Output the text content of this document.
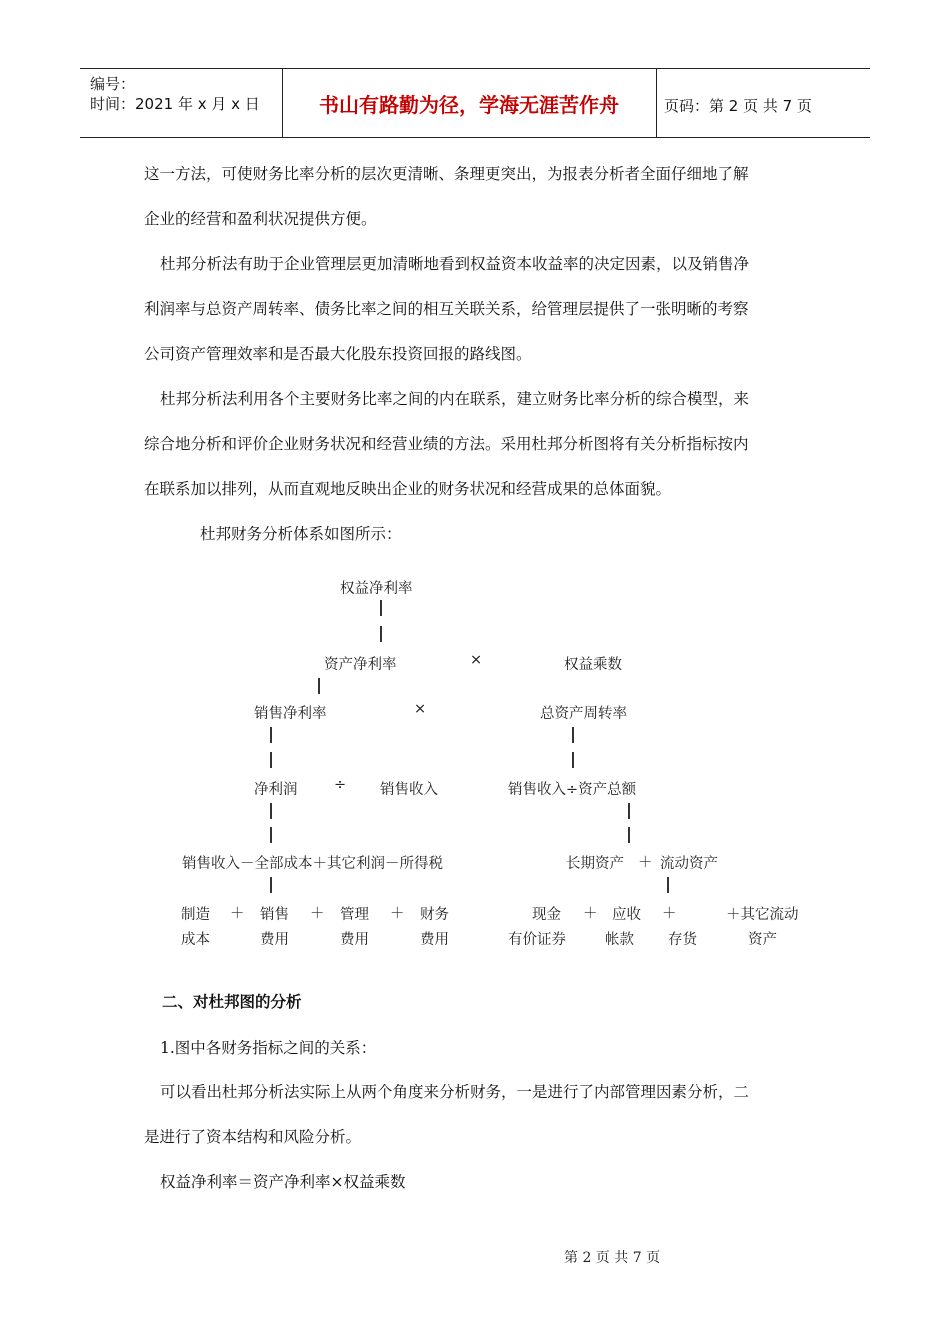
编号：
时间：2021 年 x 月 x 日	页码：第 2 页 共 7 页
书山有路勤为径，学海无涯苦作舟
这一方法，可使财务比率分析的层次更清晰、条理更突出，为报表分析者全面仔细地了解
企业的经营和盈利状况提供方便。
杜邦分析法有助于企业管理层更加清晰地看到权益资本收益率的决定因素，以及销售净
利润率与总资产周转率、债务比率之间的相互关联关系，给管理层提供了一张明晰的考察
公司资产管理效率和是否最大化股东投资回报的路线图。
杜邦分析法利用各个主要财务比率之间的内在联系，建立财务比率分析的综合模型，来
综合地分析和评价企业财务状况和经营业绩的方法。采用杜邦分析图将有关分析指标按内
在联系加以排列，从而直观地反映出企业的财务状况和经营成果的总体面貌。
杜邦财务分析体系如图所示：
权益净利率
资产净利率	×	权益乘数
销售净利率	×	总资产周转率
净利润	÷ 销售收入	销售收入÷资产总额
销售收入－全部成本＋其它利润－所得税	长期资产 ＋ 流动资产
制造 ＋ 销售 ＋ 管理 ＋ 财务
成本	费用	费用	费用
现金 ＋ 应收 ＋	＋其它流动
有价证券	帐款 存货	资产
二、对杜邦图的分析
1.图中各财务指标之间的关系：
可以看出杜邦分析法实际上从两个角度来分析财务，一是进行了内部管理因素分析，二
是进行了资本结构和风险分析。
权益净利率＝资产净利率×权益乘数
第 2 页 共 7 页
